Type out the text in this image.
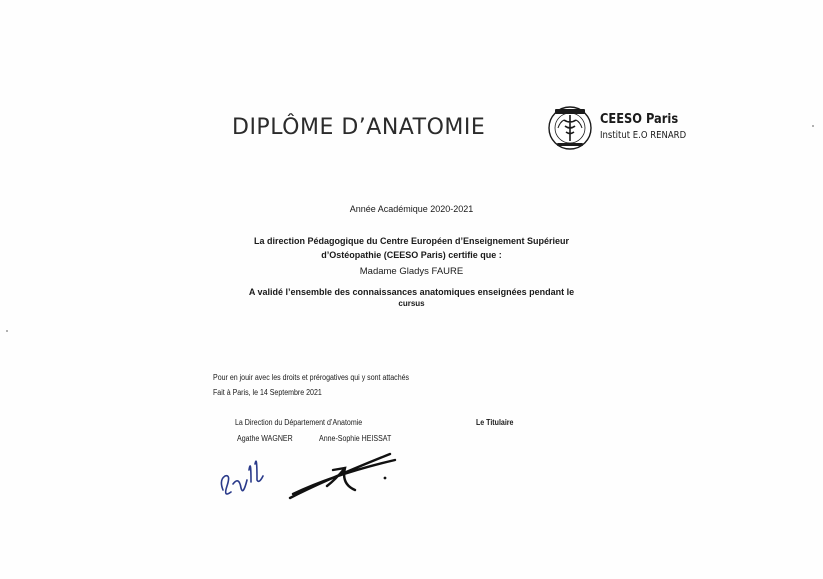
DIPLÔME D’ANATOMIE	CEESO Paris
Institut E.O RENARD
Année Académique 2020-2021
La direction Pédagogique du Centre Européen d’Enseignement Supérieur
d’Ostéopathie (CEESO Paris) certifie que :
Madame Gladys FAURE
A validé l’ensemble des connaissances anatomiques enseignées pendant le
cursus
Pour en jouir avec les droits et prérogatives qui y sont attachés
Fait à Paris, le 14 Septembre 2021
La Direction du Département d’Anatomie	Le Titulaire
Agathe WAGNER	Anne-Sophie HEISSAT
